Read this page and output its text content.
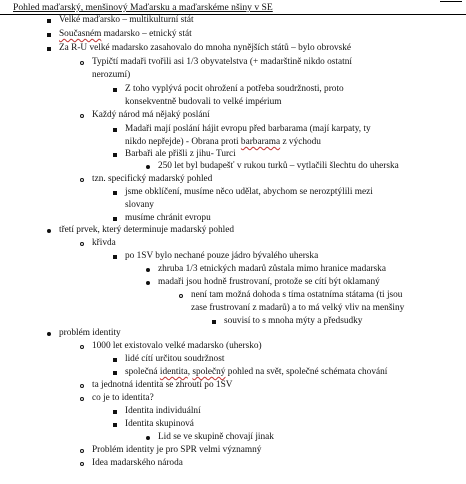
Pohled maďarský, menšinový Maďarsku a maďarskéme nšiny v SE
Velké maďarsko – multikulturní stát
Současném madarsko – etnický stát
Za R-U velké madarsko zasahovalo do mnoha nynějších států – bylo obrovské
Typičtí madaři tvořili asi 1/3 obyvatelstva (+ madarštině nikdo ostatní
nerozumí)
Z toho vyplývá pocit ohrožení a potřeba soudržnosti, proto
konsekventně budovali to velké impérium
Každý národ má nějaký poslání
Madaři mají poslání hájit evropu před barbarama (mají karpaty, ty
nikdo nepřejde) - Obrana proti barbarama z východu
Barbaři ale přišli z jihu- Turci
250 let byl budapešť v rukou turků – vytlačili šlechtu do uherska
tzn. specifický madarský pohled
jsme obklíčení, musíme něco udělat, abychom se nerozptýlili mezi
slovany
musíme chránit evropu
třetí prvek, který determinuje madarský pohled
křivda
po 1SV bylo nechané pouze jádro bývalého uherska
zhruba 1/3 etnických madarů zůstala mimo hranice madarska
madaři jsou hodně frustrovaní, protože se cítí být oklamaný
není tam možná dohoda s tíma ostatníma státama (ti jsou
zase frustrovaní z madarů) a to má velký vliv na menšiny
souvisí to s mnoha mýty a předsudky
problém identity
1000 let existovalo velké madarsko (uhersko)
lidé cítí určitou soudržnost
společná identita, společný pohled na svět, společné schémata chování
ta jednotná identita se zhroutí po 1SV
co je to identita?
Identita individuální
Identita skupinová
Lid se ve skupině chovají jinak
Problém identity je pro SPR velmi významný
Idea madarského národa
